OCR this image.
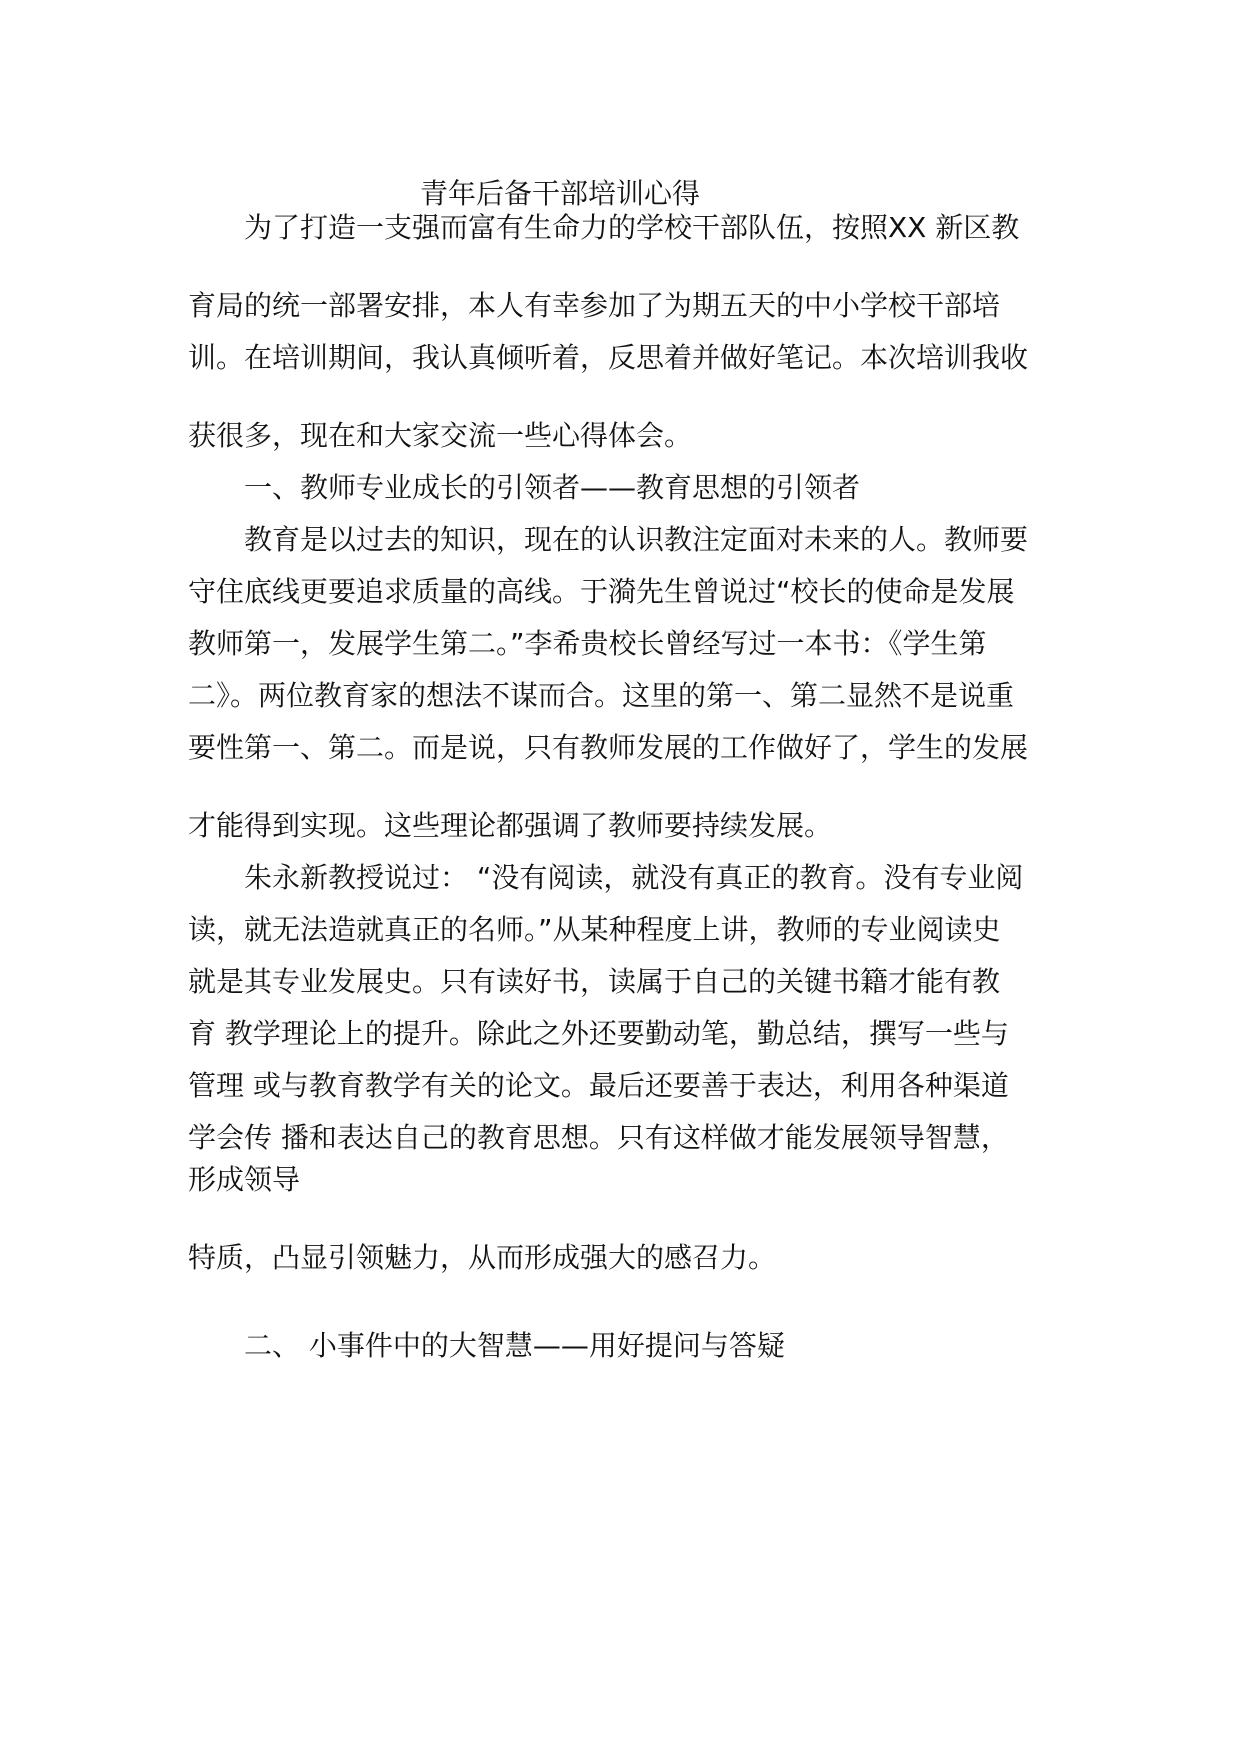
青年后备干部培训心得
为了打造一支强而富有生命力的学校干部队伍，按照XX 新区教
育局的统一部署安排，本人有幸参加了为期五天的中小学校干部培
训。在培训期间，我认真倾听着，反思着并做好笔记。本次培训我收
获很多，现在和大家交流一些心得体会。
一、教师专业成长的引领者——教育思想的引领者
教育是以过去的知识，现在的认识教注定面对未来的人。教师要
守住底线更要追求质量的高线。于漪先生曾说过“校长的使命是发展
教师第一，发展学生第二。”李希贵校长曾经写过一本书：《学生第
二》。两位教育家的想法不谋而合。这里的第一、第二显然不是说重
要性第一、第二。而是说，只有教师发展的工作做好了，学生的发展
才能得到实现。这些理论都强调了教师要持续发展。
朱永新教授说过： “没有阅读，就没有真正的教育。没有专业阅
读，就无法造就真正的名师。”从某种程度上讲，教师的专业阅读史
就是其专业发展史。只有读好书，读属于自己的关键书籍才能有教
育 教学理论上的提升。除此之外还要勤动笔，勤总结，撰写一些与
管理 或与教育教学有关的论文。最后还要善于表达，利用各种渠道
学会传 播和表达自己的教育思想。只有这样做才能发展领导智慧，
形成领导
特质，凸显引领魅力，从而形成强大的感召力。
二、 小事件中的大智慧——用好提问与答疑
